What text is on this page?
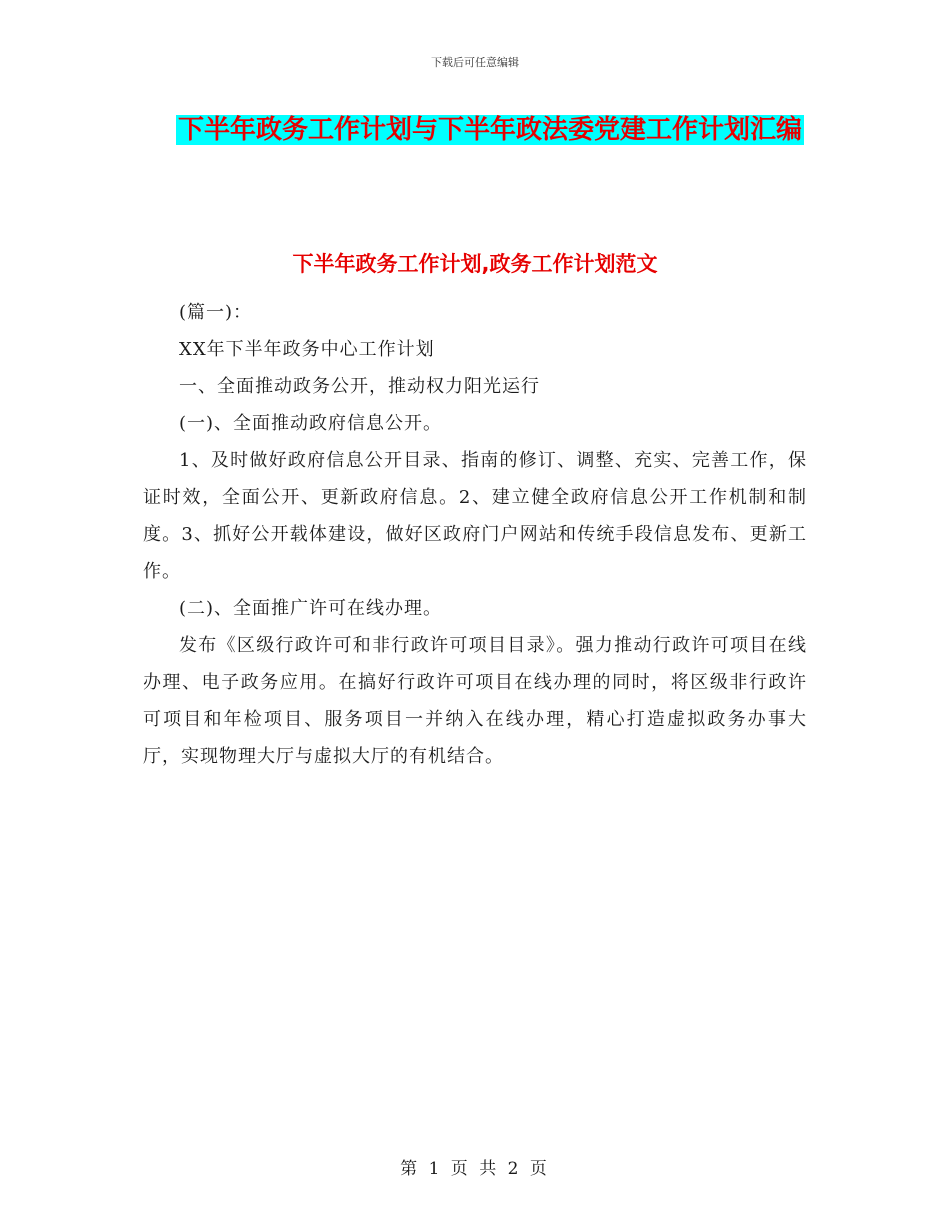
下载后可任意编辑
下半年政务工作计划与下半年政法委党建工作计划汇编
下半年政务工作计划,政务工作计划范文

(篇一)：

XX年下半年政务中心工作计划

一、全面推动政务公开，推动权力阳光运行

(一)、全面推动政府信息公开。

1、及时做好政府信息公开目录、指南的修订、调整、充实、完善工作，保证时效，全面公开、更新政府信息。2、建立健全政府信息公开工作机制和制度。3、抓好公开载体建设，做好区政府门户网站和传统手段信息发布、更新工作。

(二)、全面推广许可在线办理。

发布《区级行政许可和非行政许可项目目录》。强力推动行政许可项目在线办理、电子政务应用。在搞好行政许可项目在线办理的同时，将区级非行政许可项目和年检项目、服务项目一并纳入在线办理，精心打造虚拟政务办事大厅，实现物理大厅与虚拟大厅的有机结合。

第 1 页 共 2 页
